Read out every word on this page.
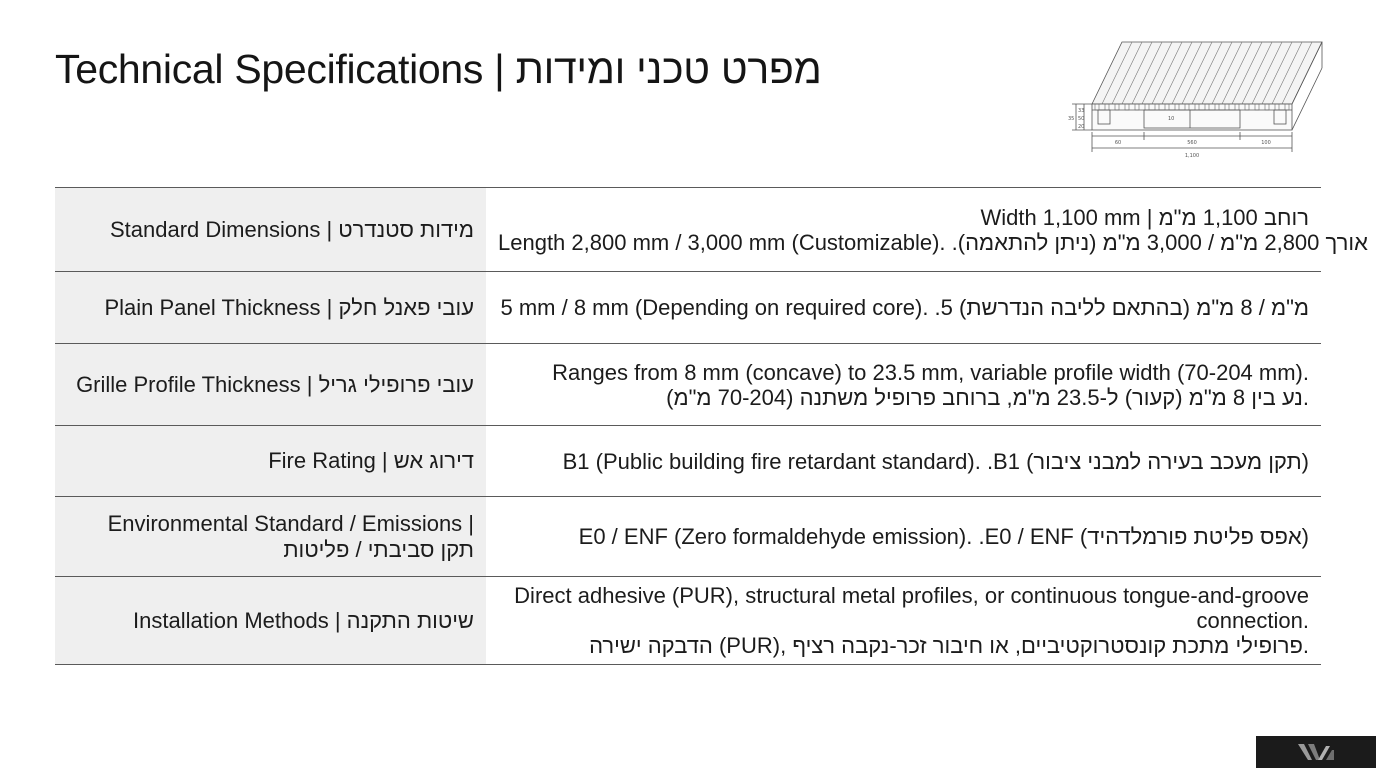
Technical Specifications | מפרט טכני ומידות
1,100
560	100
60
35
33
50
20
10
Standard Dimensions | מידות סטנדרט	Width 1,100 mm | רוחב 1,100 מ"מ
Length 2,800 mm / 3,000 mm (Customizable). .אורך 2,800 מ"מ / 3,000 מ"מ (ניתן להתאמה)

Plain Panel Thickness | עובי פאנל חלק	5 mm / 8 mm (Depending on required core). .5 מ"מ / 8 מ"מ (בהתאם לליבה הנדרשת)

Grille Profile Thickness | עובי פרופילי גריל	Ranges from 8 mm (concave) to 23.5 mm, variable profile width (70-204 mm).
נע בין 8 מ"מ (קעור) ל-23.5 מ"מ, ברוחב פרופיל משתנה (70-204 מ"מ).

Fire Rating | דירוג אש	B1 (Public building fire retardant standard). .B1 (תקן מעכב בעירה למבני ציבור)

Environmental Standard / Emissions |
תקן סביבתי / פליטות	E0 / ENF (Zero formaldehyde emission). .E0 / ENF (אפס פליטת פורמלדהיד)

Installation Methods | שיטות התקנה	Direct adhesive (PUR), structural metal profiles, or continuous tongue-and-groove connection.
הדבקה ישירה (PUR), פרופילי מתכת קונסטרוקטיביים, או חיבור זכר-נקבה רציף.
